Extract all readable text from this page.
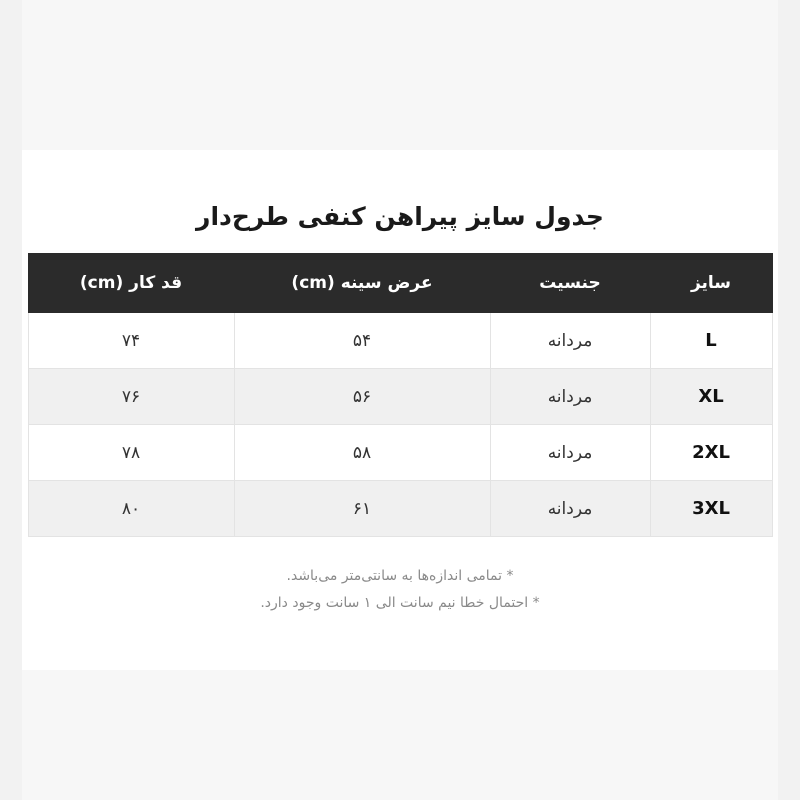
جدول سایز پیراهن کنفی طرح‌دار
سایز	جنسیت	عرض سینه (cm)	قد کار (cm)
L	مردانه	۵۴	۷۴
XL	مردانه	۵۶	۷۶
2XL	مردانه	۵۸	۷۸
3XL	مردانه	۶۱	۸۰
* تمامی اندازه‌ها به سانتی‌متر می‌باشد.
* احتمال خطا نیم سانت الی ۱ سانت وجود دارد.
